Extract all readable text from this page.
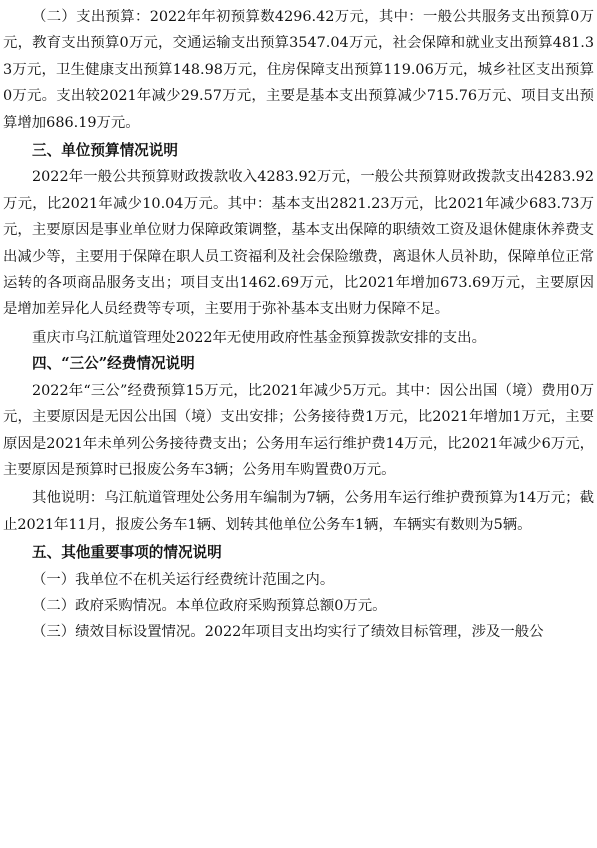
（二）支出预算：2022年年初预算数4296.42万元，其中：一般公共服务支出预算0万元，教育支出预算0万元，交通运输支出预算3547.04万元，社会保障和就业支出预算481.33万元，卫生健康支出预算148.98万元，住房保障支出预算119.06万元，城乡社区支出预算0万元。支出较2021年减少29.57万元，主要是基本支出预算减少715.76万元、项目支出预算增加686.19万元。

三、单位预算情况说明

2022年一般公共预算财政拨款收入4283.92万元，一般公共预算财政拨款支出4283.92万元，比2021年减少10.04万元。其中：基本支出2821.23万元，比2021年减少683.73万元，主要原因是事业单位财力保障政策调整，基本支出保障的职绩效工资及退休健康休养费支出减少等，主要用于保障在职人员工资福利及社会保险缴费，离退休人员补助，保障单位正常运转的各项商品服务支出；项目支出1462.69万元，比2021年增加673.69万元，主要原因是增加差异化人员经费等专项，主要用于弥补基本支出财力保障不足。

重庆市乌江航道管理处2022年无使用政府性基金预算拨款安排的支出。

四、“三公”经费情况说明

2022年“三公”经费预算15万元，比2021年减少5万元。其中：因公出国（境）费用0万元，主要原因是无因公出国（境）支出安排；公务接待费1万元，比2021年增加1万元，主要原因是2021年未单列公务接待费支出；公务用车运行维护费14万元，比2021年减少6万元，主要原因是预算时已报废公务车3辆；公务用车购置费0万元。

其他说明：乌江航道管理处公务用车编制为7辆，公务用车运行维护费预算为14万元；截止2021年11月，报废公务车1辆、划转其他单位公务车1辆，车辆实有数则为5辆。

五、其他重要事项的情况说明

（一）我单位不在机关运行经费统计范围之内。

（二）政府采购情况。本单位政府采购预算总额0万元。

（三）绩效目标设置情况。2022年项目支出均实行了绩效目标管理，涉及一般公
